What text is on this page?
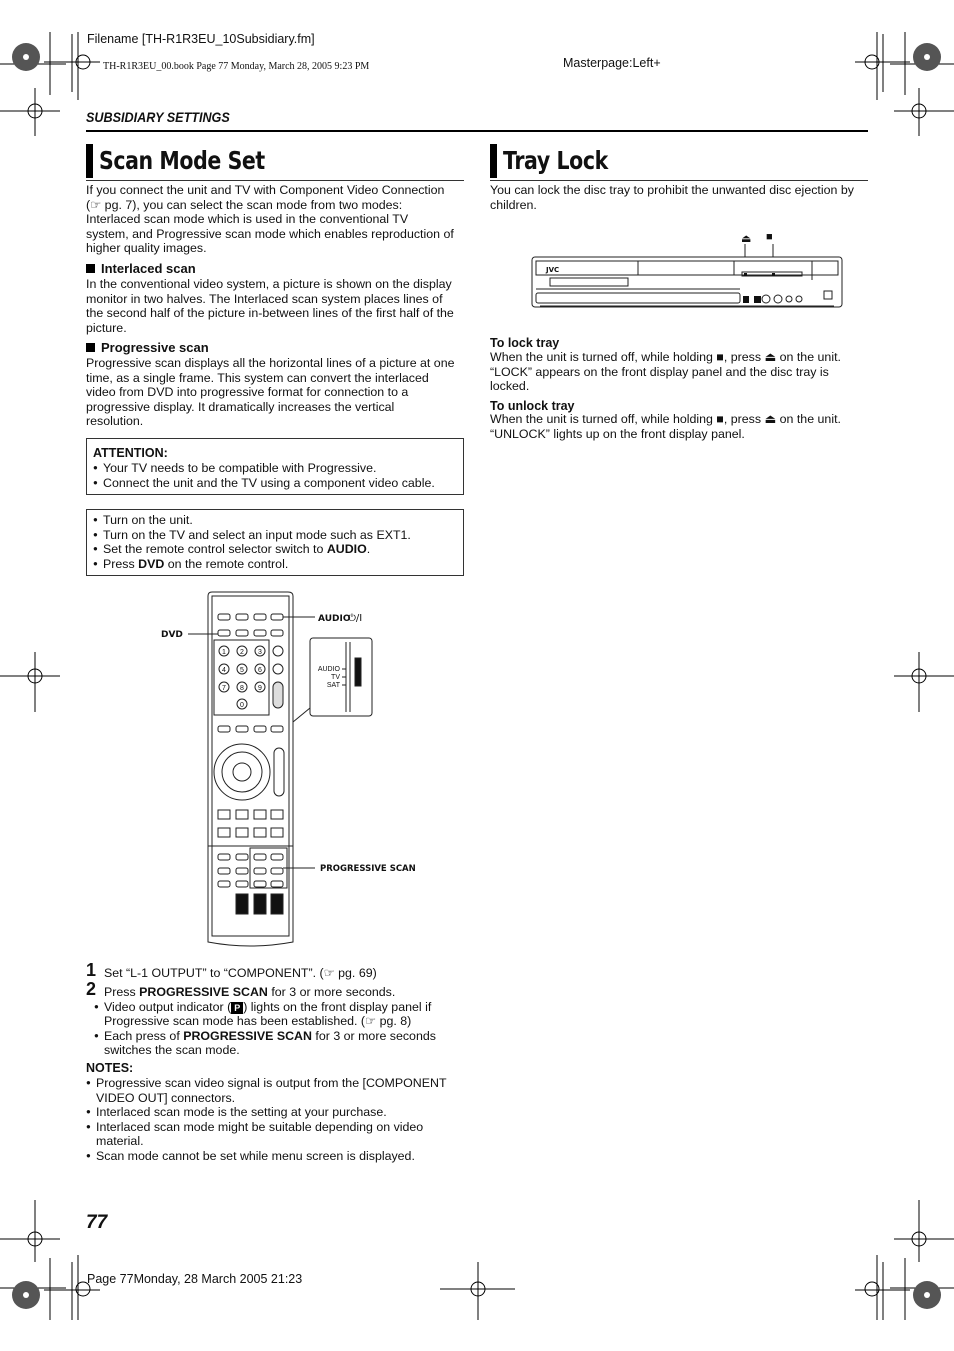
Filename [TH-R1R3EU_10Subsidiary.fm]
TH-R1R3EU_00.book Page 77 Monday, March 28, 2005 9:23 PM	Masterpage:Left+
SUBSIDIARY SETTINGS
Scan Mode Set
If you connect the unit and TV with Component Video Connection
(☞ pg. 7), you can select the scan mode from two modes:
Interlaced scan mode which is used in the conventional TV
system, and Progressive scan mode which enables reproduction of
higher quality images.
Interlaced scan
In the conventional video system, a picture is shown on the display
monitor in two halves. The Interlaced scan system places lines of
the second half of the picture in-between lines of the first half of the
picture.
Progressive scan
Progressive scan displays all the horizontal lines of a picture at one
time, as a single frame. This system can convert the interlaced
video from DVD into progressive format for connection to a
progressive display. It dramatically increases the vertical
resolution.
ATTENTION:
● Your TV needs to be compatible with Progressive.
● Connect the unit and the TV using a component video cable.
● Turn on the unit.
● Turn on the TV and select an input mode such as EXT1.
● Set the remote control selector switch to AUDIO.
● Press DVD on the remote control.
1 2 3
4 5 6
7 8 9
0
AUDIO
TV
SAT
DVD
AUDIO
⏻/I
PROGRESSIVE SCAN
1 Set “L-1 OUTPUT” to “COMPONENT”. (☞ pg. 69)
2 Press PROGRESSIVE SCAN for 3 or more seconds.
● Video output indicator ( P ) lights on the front display panel if
Progressive scan mode has been established. (☞ pg. 8)
● Each press of PROGRESSIVE SCAN for 3 or more seconds
switches the scan mode.
NOTES:
● Progressive scan video signal is output from the [COMPONENT
VIDEO OUT] connectors.
● Interlaced scan mode is the setting at your purchase.
● Interlaced scan mode might be suitable depending on video
material.
● Scan mode cannot be set while menu screen is displayed.
Tray Lock
You can lock the disc tray to prohibit the unwanted disc ejection by
children.
⏏ ■
JVC
To lock tray
When the unit is turned off, while holding ■, press ⏏ on the unit.
“LOCK” appears on the front display panel and the disc tray is
locked.
To unlock tray
When the unit is turned off, while holding ■, press ⏏ on the unit.
“UNLOCK” lights up on the front display panel.
77
Page 77Monday, 28 March 2005 21:23
